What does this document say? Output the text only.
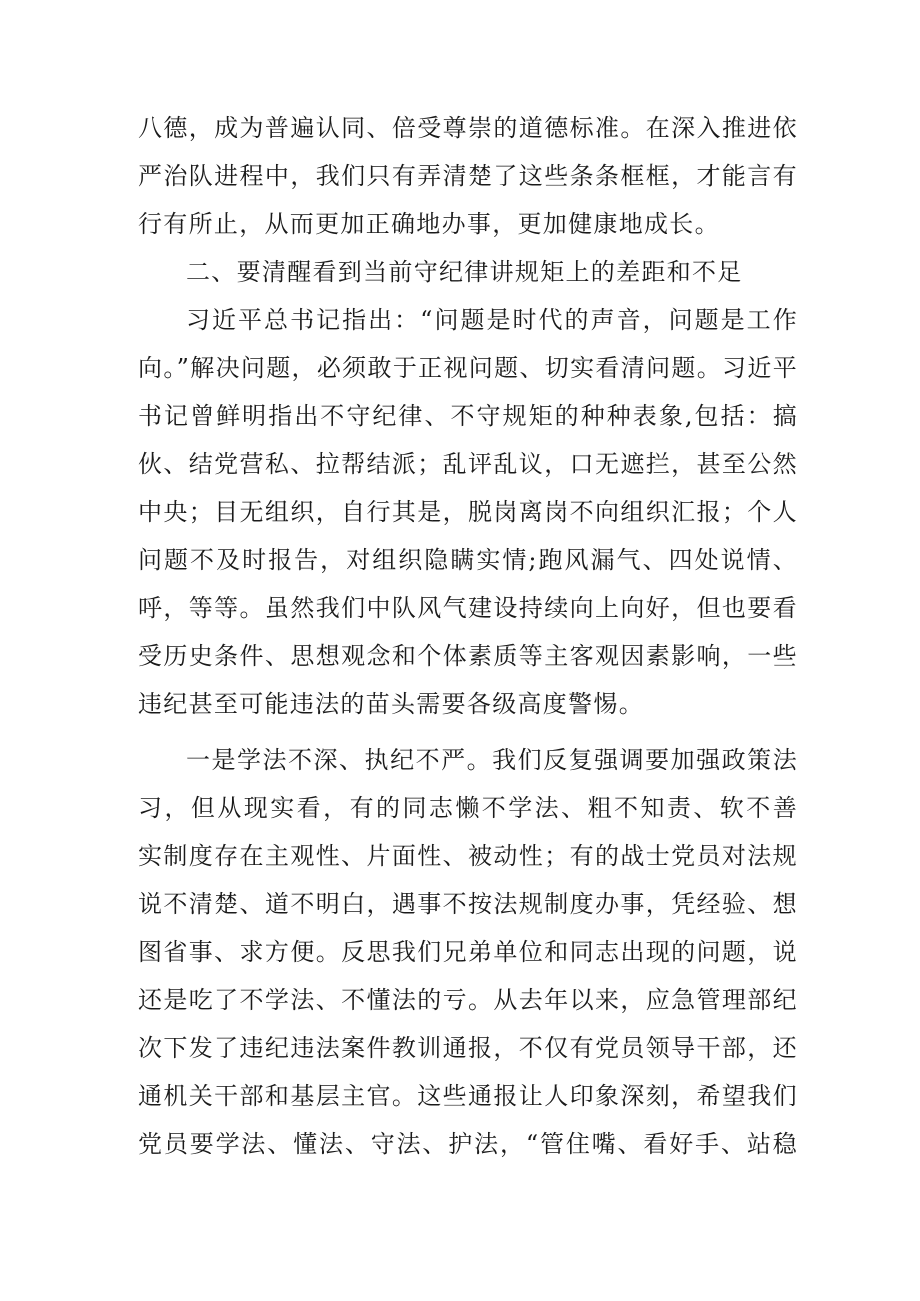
八德，成为普遍认同、倍受尊崇的道德标准。在深入推进依
严治队进程中，我们只有弄清楚了这些条条框框，才能言有
行有所止，从而更加正确地办事，更加健康地成长。
二、要清醒看到当前守纪律讲规矩上的差距和不足
习近平总书记指出：“问题是时代的声音，问题是工作
向。”解决问题，必须敢于正视问题、切实看清问题。习近平
书记曾鲜明指出不守纪律、不守规矩的种种表象,包括：搞
伙、结党营私、拉帮结派；乱评乱议，口无遮拦，甚至公然
中央；目无组织，自行其是，脱岗离岗不向组织汇报；个人
问题不及时报告，对组织隐瞒实情;跑风漏气、四处说情、
呼，等等。虽然我们中队风气建设持续向上向好，但也要看
受历史条件、思想观念和个体素质等主客观因素影响，一些
违纪甚至可能违法的苗头需要各级高度警惕。
一是学法不深、执纪不严。我们反复强调要加强政策法
习，但从现实看，有的同志懒不学法、粗不知责、软不善
实制度存在主观性、片面性、被动性；有的战士党员对法规
说不清楚、道不明白，遇事不按法规制度办事，凭经验、想
图省事、求方便。反思我们兄弟单位和同志出现的问题，说
还是吃了不学法、不懂法的亏。从去年以来，应急管理部纪
次下发了违纪违法案件教训通报，不仅有党员领导干部，还
通机关干部和基层主官。这些通报让人印象深刻，希望我们
党员要学法、懂法、守法、护法，“管住嘴、看好手、站稳
